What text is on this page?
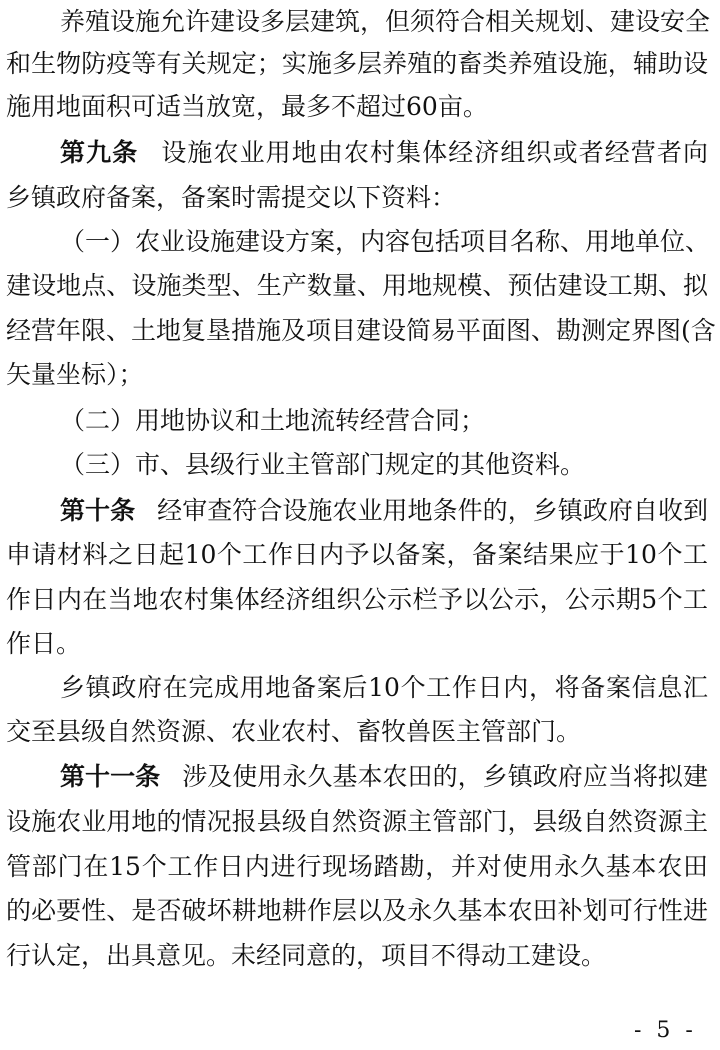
养殖设施允许建设多层建筑，但须符合相关规划、建设安全
和生物防疫等有关规定；实施多层养殖的畜类养殖设施，辅助设
施用地面积可适当放宽，最多不超过60亩。
第九条 设施农业用地由农村集体经济组织或者经营者向
乡镇政府备案，备案时需提交以下资料：
（一）农业设施建设方案，内容包括项目名称、用地单位、
建设地点、设施类型、生产数量、用地规模、预估建设工期、拟
经营年限、土地复垦措施及项目建设简易平面图、勘测定界图(含
矢量坐标）；
（二）用地协议和土地流转经营合同；
（三）市、县级行业主管部门规定的其他资料。
第十条 经审查符合设施农业用地条件的，乡镇政府自收到
申请材料之日起10个工作日内予以备案，备案结果应于10个工
作日内在当地农村集体经济组织公示栏予以公示，公示期5个工
作日。
乡镇政府在完成用地备案后10个工作日内，将备案信息汇
交至县级自然资源、农业农村、畜牧兽医主管部门。
第十一条 涉及使用永久基本农田的，乡镇政府应当将拟建
设施农业用地的情况报县级自然资源主管部门，县级自然资源主
管部门在15个工作日内进行现场踏勘，并对使用永久基本农田
的必要性、是否破坏耕地耕作层以及永久基本农田补划可行性进
行认定，出具意见。未经同意的，项目不得动工建设。
- 5 -
